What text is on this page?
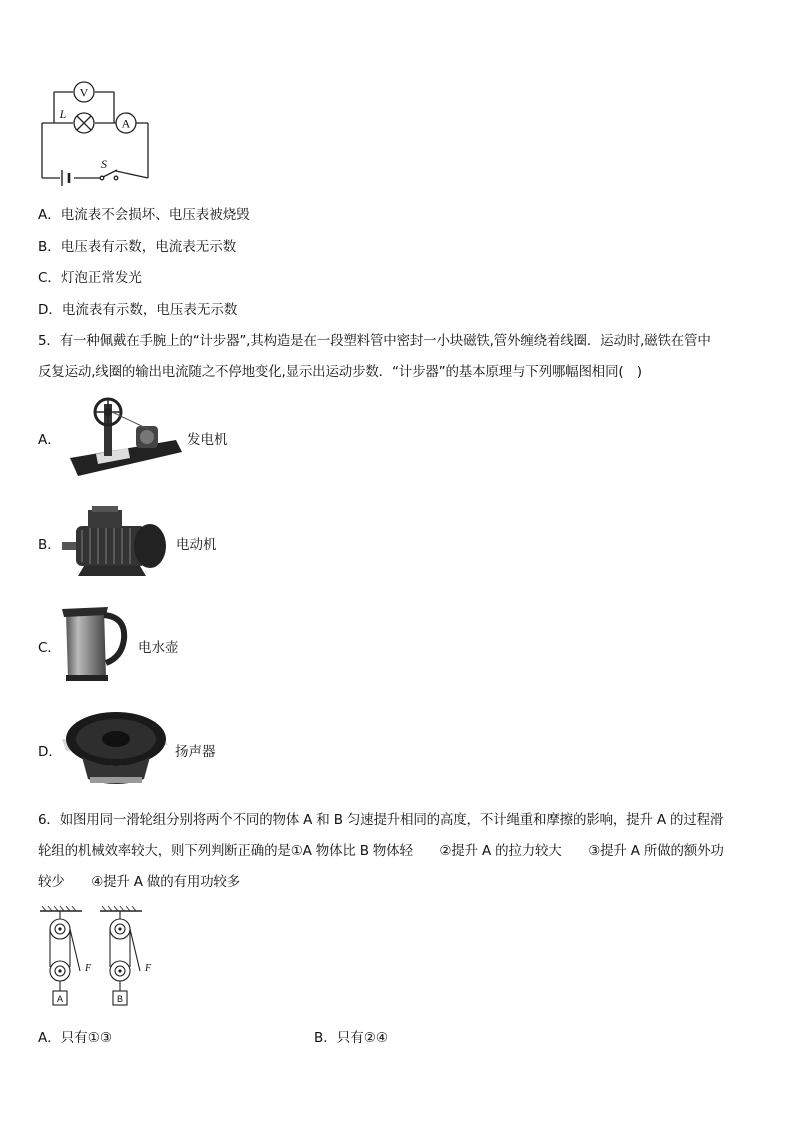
V
L
A
S
A．电流表不会损坏、电压表被烧毁
B．电压表有示数，电流表无示数
C．灯泡正常发光
D．电流表有示数，电压表无示数
5．有一种佩戴在手腕上的“计步器”,其构造是在一段塑料管中密封一小块磁铁,管外缠绕着线圈．运动时,磁铁在管中
反复运动,线圈的输出电流随之不停地变化,显示出运动步数．“计步器”的基本原理与下列哪幅图相同(　)
A．	发电机
B．	电动机
C．	电水壶
D．	扬声器
6．如图用同一滑轮组分别将两个不同的物体 A 和 B 匀速提升相同的高度，不计绳重和摩擦的影响，提升 A 的过程滑
轮组的机械效率较大，则下列判断正确的是①A 物体比 B 物体轻　　②提升 A 的拉力较大　　③提升 A 所做的额外功
较少　　④提升 A 做的有用功较多
A	B
F	F
A．只有①③	B．只有②④
